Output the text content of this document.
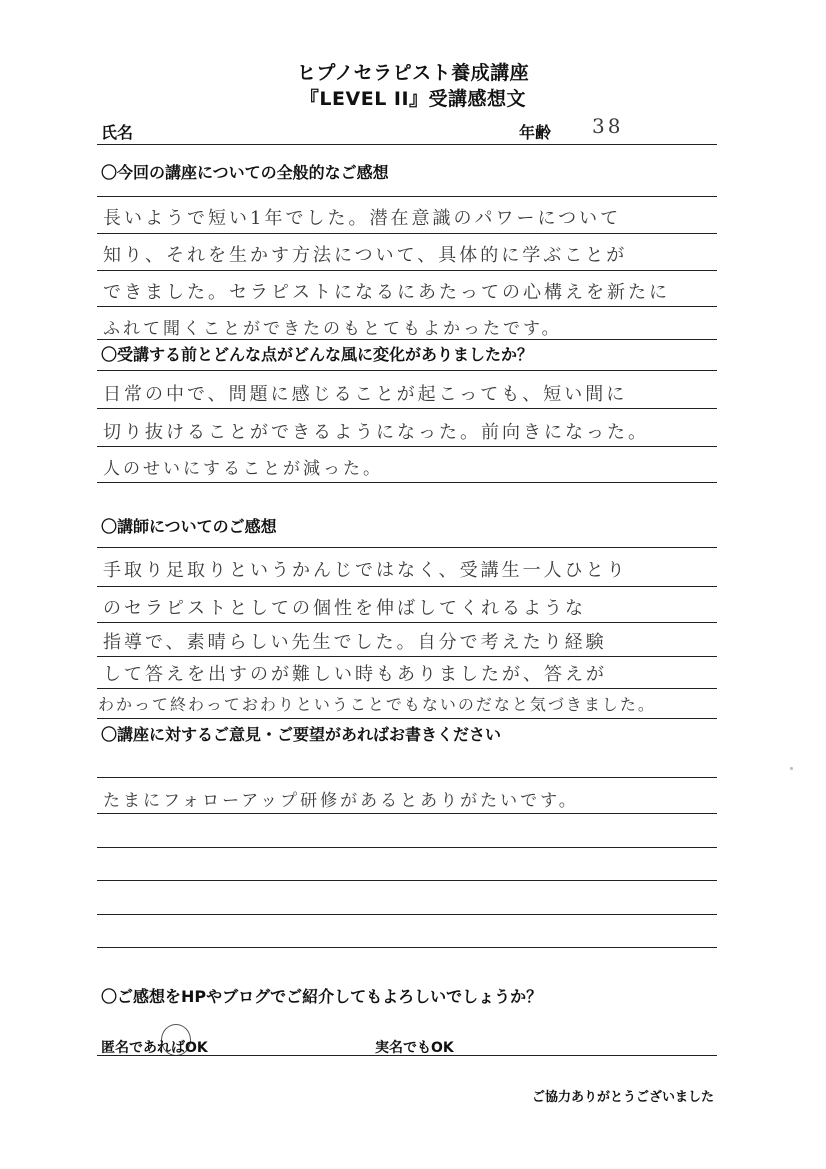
ヒプノセラピスト養成講座
『LEVEL II』受講感想文
氏名	年齢 38
〇今回の講座についての全般的なご感想
長いようで短い1年でした。潜在意識のパワーについて
知り、それを生かす方法について、具体的に学ぶことが
できました。セラピストになるにあたっての心構えを新たに
ふれて聞くことができたのもとてもよかったです。
〇受講する前とどんな点がどんな風に変化がありましたか？
日常の中で、問題に感じることが起こっても、短い間に
切り抜けることができるようになった。前向きになった。
人のせいにすることが減った。
〇講師についてのご感想
手取り足取りというかんじではなく、受講生一人ひとり
のセラピストとしての個性を伸ばしてくれるような
指導で、素晴らしい先生でした。自分で考えたり経験
して答えを出すのが難しい時もありましたが、答えが
わかって終わっておわりということでもないのだなと気づきました。
〇講座に対するご意見・ご要望があればお書きください
たまにフォローアップ研修があるとありがたいです。
〇ご感想をHPやブログでご紹介してもよろしいでしょうか？
匿名であればOK	実名でもOK
ご協力ありがとうございました
